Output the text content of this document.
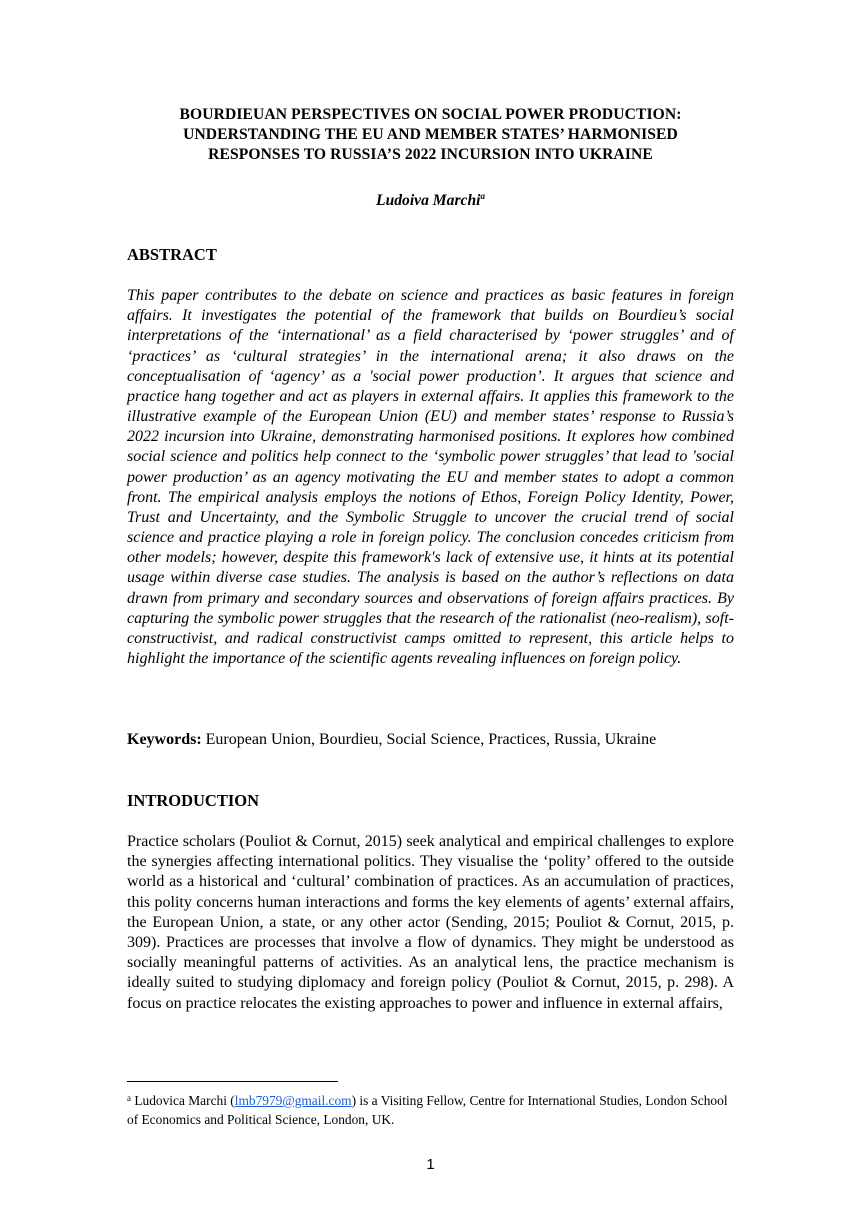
BOURDIEUAN PERSPECTIVES ON SOCIAL POWER PRODUCTION:
UNDERSTANDING THE EU AND MEMBER STATES’ HARMONISED
RESPONSES TO RUSSIA’S 2022 INCURSION INTO UKRAINE
Ludoiva Marchi$^a$
ABSTRACT

This paper contributes to the debate on science and practices as basic features in foreign affairs. It investigates the potential of the framework that builds on Bourdieu’s social interpretations of the ‘international’ as a field characterised by ‘power struggles’ and of ‘practices’ as ‘cultural strategies’ in the international arena; it also draws on the conceptualisation of ‘agency’ as a 'social power production’. It argues that science and practice hang together and act as players in external affairs. It applies this framework to the illustrative example of the European Union (EU) and member states’ response to Russia’s 2022 incursion into Ukraine, demonstrating harmonised positions. It explores how combined social science and politics help connect to the ‘symbolic power struggles’ that lead to 'social power production’ as an agency motivating the EU and member states to adopt a common front. The empirical analysis employs the notions of Ethos, Foreign Policy Identity, Power, Trust and Uncertainty, and the Symbolic Struggle to uncover the crucial trend of social science and practice playing a role in foreign policy. The conclusion concedes criticism from other models; however, despite this framework's lack of extensive use, it hints at its potential usage within diverse case studies. The analysis is based on the author’s reflections on data drawn from primary and secondary sources and observations of foreign affairs practices. By capturing the symbolic power struggles that the research of the rationalist (neo-realism), soft-constructivist, and radical constructivist camps omitted to represent, this article helps to highlight the importance of the scientific agents revealing influences on foreign policy.

Keywords: European Union, Bourdieu, Social Science, Practices, Russia, Ukraine
INTRODUCTION

Practice scholars (Pouliot & Cornut, 2015) seek analytical and empirical challenges to explore the synergies affecting international politics. They visualise the ‘polity’ offered to the outside world as a historical and ‘cultural’ combination of practices. As an accumulation of practices, this polity concerns human interactions and forms the key elements of agents’ external affairs, the European Union, a state, or any other actor (Sending, 2015; Pouliot & Cornut, 2015, p. 309). Practices are processes that involve a flow of dynamics. They might be understood as socially meaningful patterns of activities. As an analytical lens, the practice mechanism is ideally suited to studying diplomacy and foreign policy (Pouliot & Cornut, 2015, p. 298). A focus on practice relocates the existing approaches to power and influence in external affairs,

$^a$ Ludovica Marchi (lmb7979@gmail.com) is a Visiting Fellow, Centre for International Studies, London School of Economics and Political Science, London, UK.
1
